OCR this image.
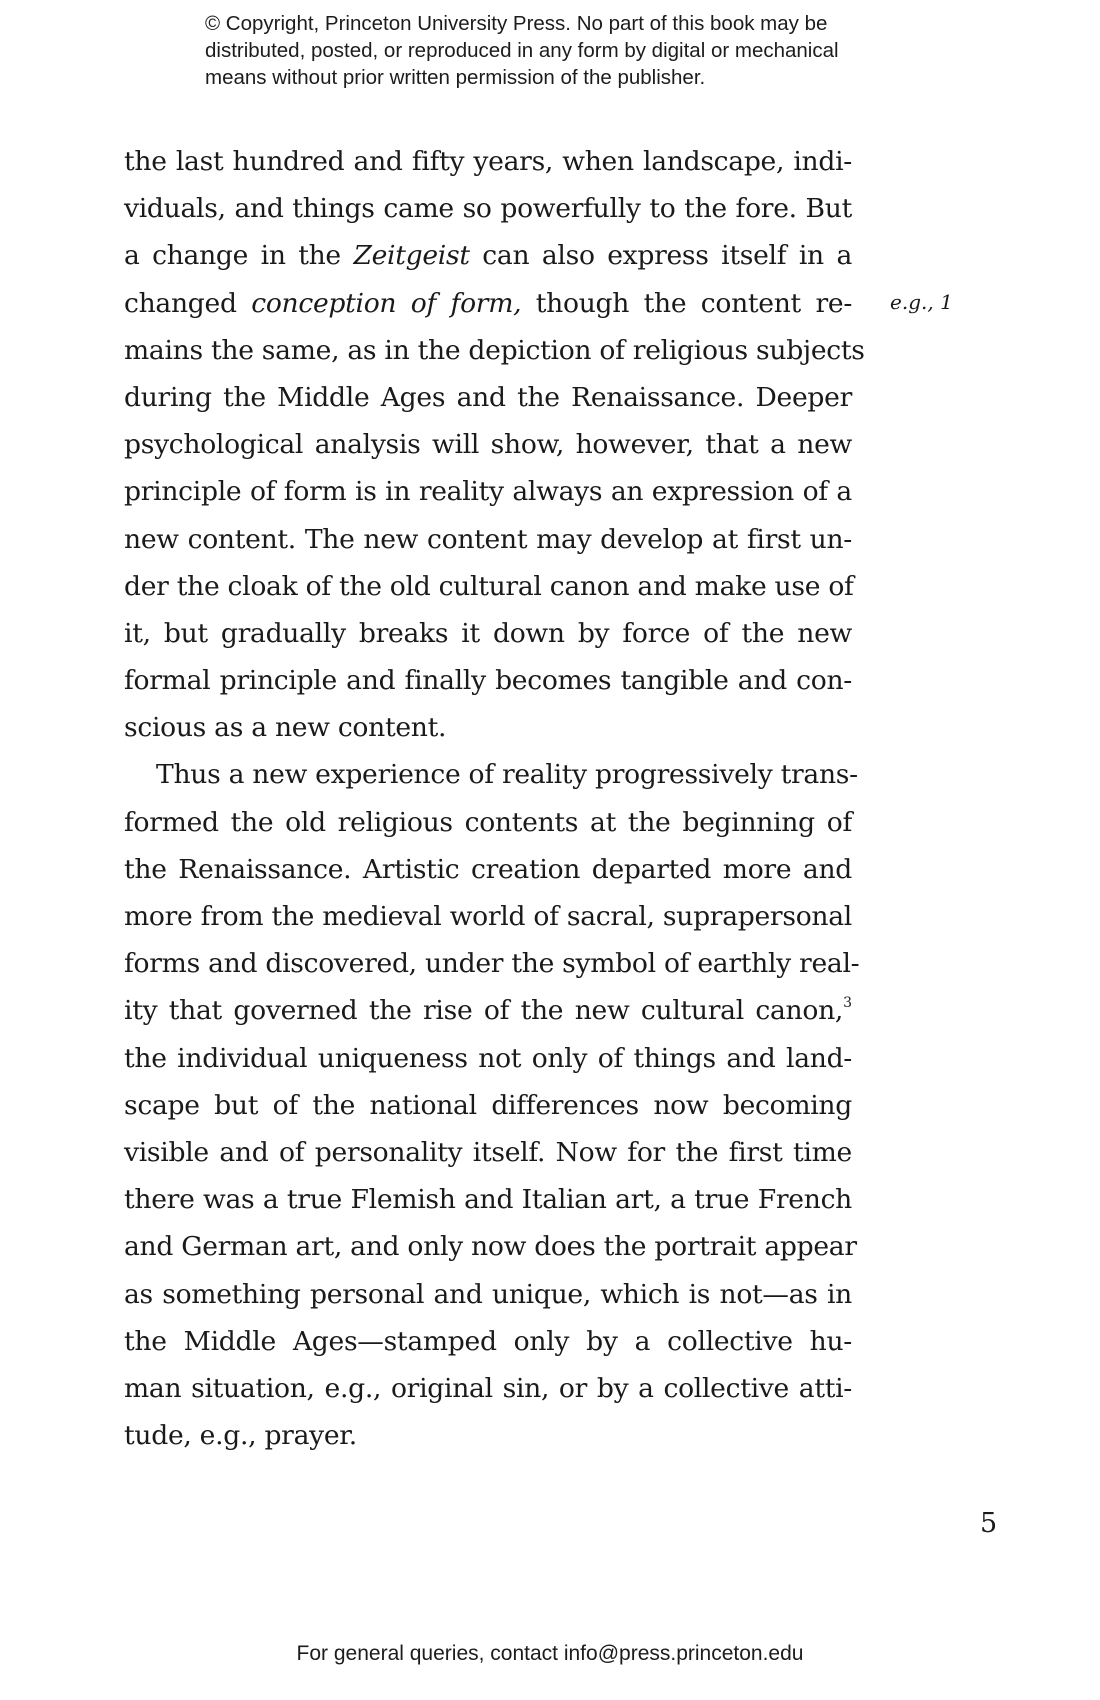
© Copyright, Princeton University Press. No part of this book may be
distributed, posted, or reproduced in any form by digital or mechanical
means without prior written permission of the publisher.
the last hundred and fifty years, when landscape, indi-
viduals, and things came so powerfully to the fore. But
a change in the Zeitgeist can also express itself in a
changed conception of form, though the content re-
mains the same, as in the depiction of religious subjects
during the Middle Ages and the Renaissance. Deeper
psychological analysis will show, however, that a new
principle of form is in reality always an expression of a
new content. The new content may develop at first un-
der the cloak of the old cultural canon and make use of
it, but gradually breaks it down by force of the new
formal principle and finally becomes tangible and con-
scious as a new content.
Thus a new experience of reality progressively trans-
formed the old religious contents at the beginning of
the Renaissance. Artistic creation departed more and
more from the medieval world of sacral, suprapersonal
forms and discovered, under the symbol of earthly real-
ity that governed the rise of the new cultural canon,$^3$
the individual uniqueness not only of things and land-
scape but of the national differences now becoming
visible and of personality itself. Now for the first time
there was a true Flemish and Italian art, a true French
and German art, and only now does the portrait appear
as something personal and unique, which is not—as in
the Middle Ages—stamped only by a collective hu-
man situation, e.g., original sin, or by a collective atti-
tude, e.g., prayer.
e.g., 1
5
For general queries, contact info@press.princeton.edu
